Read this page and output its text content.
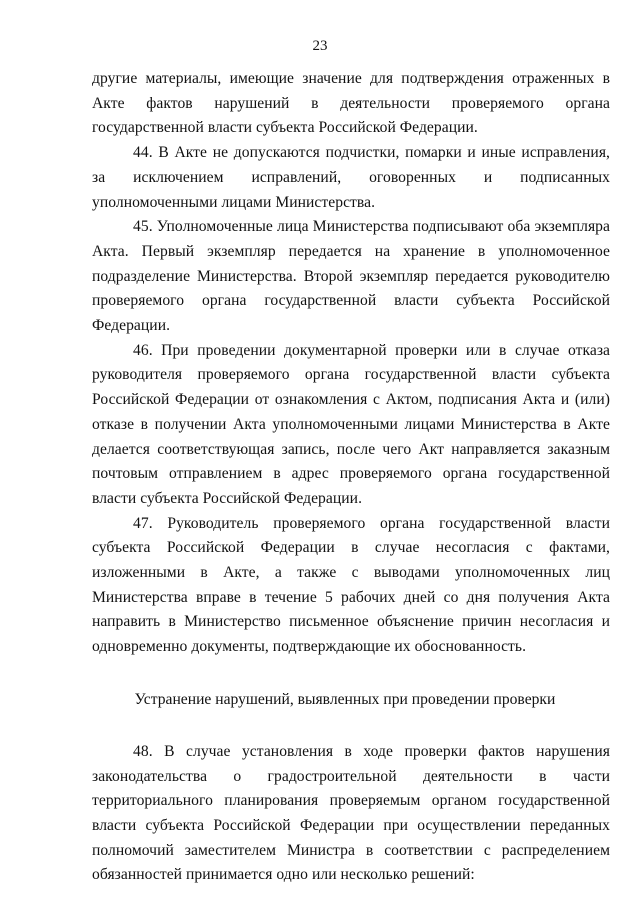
23

другие материалы, имеющие значение для подтверждения отраженных в Акте фактов нарушений в деятельности проверяемого органа государственной власти субъекта Российской Федерации.

44. В Акте не допускаются подчистки, помарки и иные исправления, за исключением исправлений, оговоренных и подписанных уполномоченными лицами Министерства.

45. Уполномоченные лица Министерства подписывают оба экземпляра Акта. Первый экземпляр передается на хранение в уполномоченное подразделение Министерства. Второй экземпляр передается руководителю проверяемого органа государственной власти субъекта Российской Федерации.

46. При проведении документарной проверки или в случае отказа руководителя проверяемого органа государственной власти субъекта Российской Федерации от ознакомления с Актом, подписания Акта и (или) отказе в получении Акта уполномоченными лицами Министерства в Акте делается соответствующая запись, после чего Акт направляется заказным почтовым отправлением в адрес проверяемого органа государственной власти субъекта Российской Федерации.

47. Руководитель проверяемого органа государственной власти субъекта Российской Федерации в случае несогласия с фактами, изложенными в Акте, а также с выводами уполномоченных лиц Министерства вправе в течение 5 рабочих дней со дня получения Акта направить в Министерство письменное объяснение причин несогласия и одновременно документы, подтверждающие их обоснованность.

Устранение нарушений, выявленных при проведении проверки

48. В случае установления в ходе проверки фактов нарушения законодательства о градостроительной деятельности в части территориального планирования проверяемым органом государственной власти субъекта Российской Федерации при осуществлении переданных полномочий заместителем Министра в соответствии с распределением обязанностей принимается одно или несколько решений:
